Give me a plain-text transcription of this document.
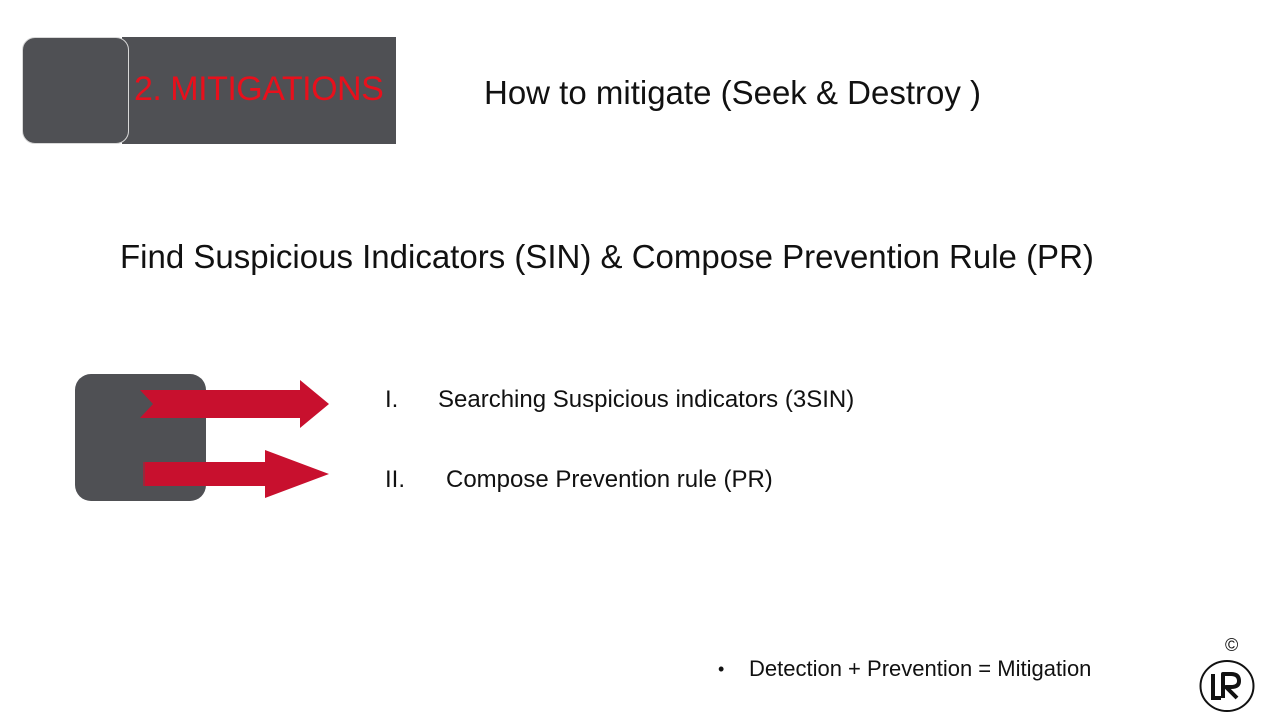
2. MITIGATIONS	How to mitigate (Seek & Destroy )
Find Suspicious Indicators (SIN) & Compose Prevention Rule (PR)
I. Searching Suspicious indicators (3SIN)
II. Compose Prevention rule (PR)
• Detection + Prevention = Mitigation
©
